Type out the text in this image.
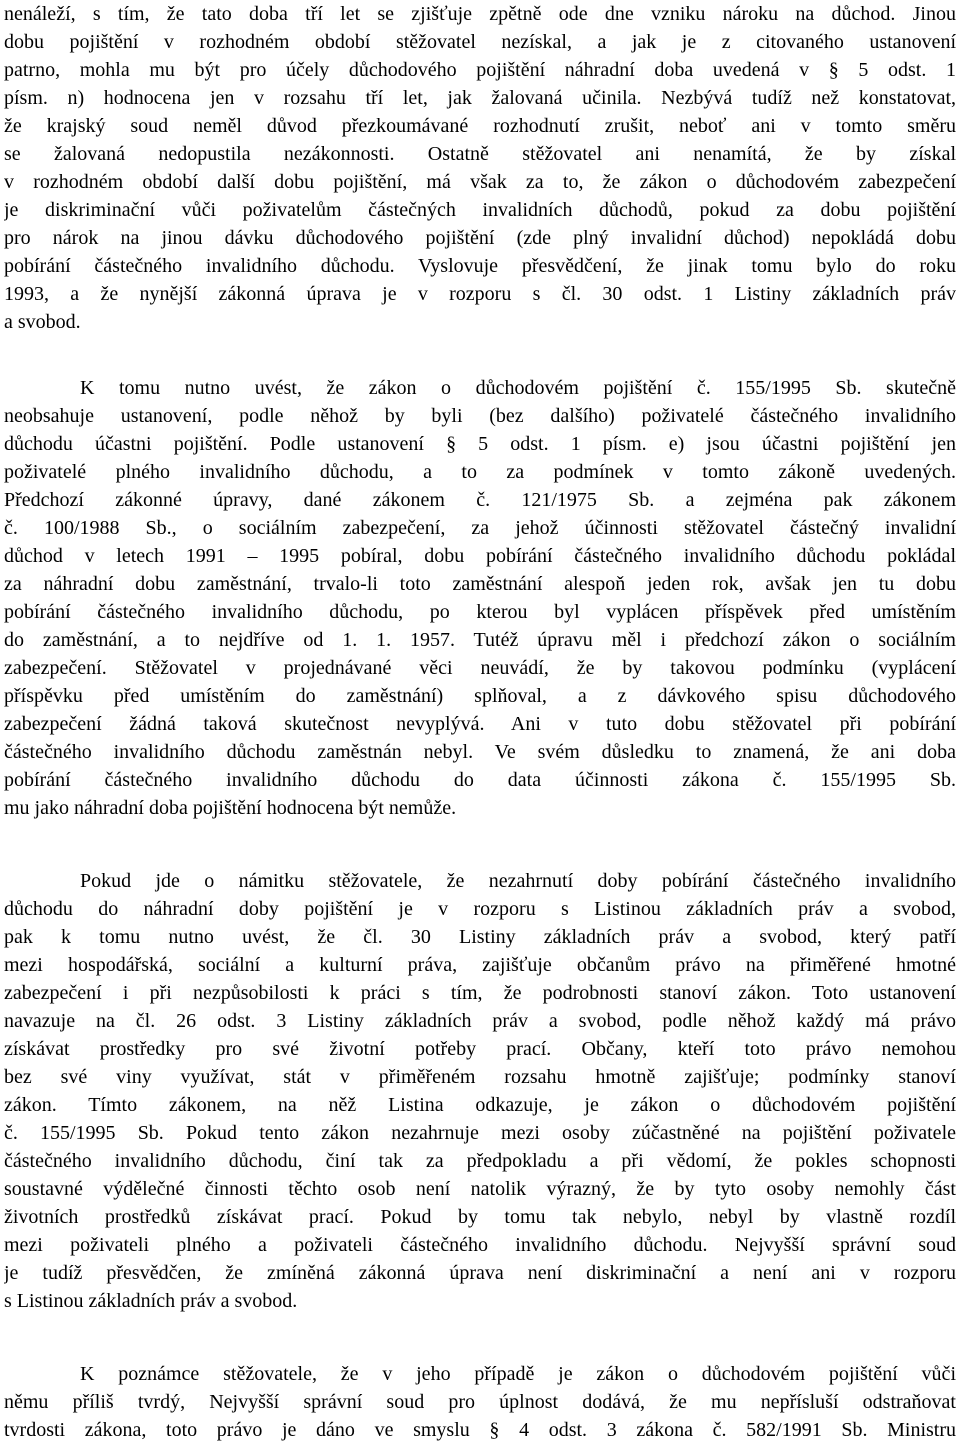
nenáleží, s tím, že tato doba tří let se zjišťuje zpětně ode dne vzniku nároku na důchod. Jinou
dobu pojištění v rozhodném období stěžovatel nezískal, a jak je z citovaného ustanovení
patrno, mohla mu být pro účely důchodového pojištění náhradní doba uvedená v § 5 odst. 1
písm. n) hodnocena jen v rozsahu tří let, jak žalovaná učinila. Nezbývá tudíž než konstatovat,
že krajský soud neměl důvod přezkoumávané rozhodnutí zrušit, neboť ani v tomto směru
se žalovaná nedopustila nezákonnosti. Ostatně stěžovatel ani nenamítá, že by získal
v rozhodném období další dobu pojištění, má však za to, že zákon o důchodovém zabezpečení
je diskriminační vůči poživatelům částečných invalidních důchodů, pokud za dobu pojištění
pro nárok na jinou dávku důchodového pojištění (zde plný invalidní důchod) nepokládá dobu
pobírání částečného invalidního důchodu. Vyslovuje přesvědčení, že jinak tomu bylo do roku
1993, a že nynější zákonná úprava je v rozporu s čl. 30 odst. 1 Listiny základních práv
a svobod.
K tomu nutno uvést, že zákon o důchodovém pojištění č. 155/1995 Sb. skutečně
neobsahuje ustanovení, podle něhož by byli (bez dalšího) poživatelé částečného invalidního
důchodu účastni pojištění. Podle ustanovení § 5 odst. 1 písm. e) jsou účastni pojištění jen
poživatelé plného invalidního důchodu, a to za podmínek v tomto zákoně uvedených.
Předchozí zákonné úpravy, dané zákonem č. 121/1975 Sb. a zejména pak zákonem
č. 100/1988 Sb., o sociálním zabezpečení, za jehož účinnosti stěžovatel částečný invalidní
důchod v letech 1991 – 1995 pobíral, dobu pobírání částečného invalidního důchodu pokládal
za náhradní dobu zaměstnání, trvalo-li toto zaměstnání alespoň jeden rok, avšak jen tu dobu
pobírání částečného invalidního důchodu, po kterou byl vyplácen příspěvek před umístěním
do zaměstnání, a to nejdříve od 1. 1. 1957. Tutéž úpravu měl i předchozí zákon o sociálním
zabezpečení. Stěžovatel v projednávané věci neuvádí, že by takovou podmínku (vyplácení
příspěvku před umístěním do zaměstnání) splňoval, a z dávkového spisu důchodového
zabezpečení žádná taková skutečnost nevyplývá. Ani v tuto dobu stěžovatel při pobírání
částečného invalidního důchodu zaměstnán nebyl. Ve svém důsledku to znamená, že ani doba
pobírání částečného invalidního důchodu do data účinnosti zákona č. 155/1995 Sb.
mu jako náhradní doba pojištění hodnocena být nemůže.
Pokud jde o námitku stěžovatele, že nezahrnutí doby pobírání částečného invalidního
důchodu do náhradní doby pojištění je v rozporu s Listinou základních práv a svobod,
pak k tomu nutno uvést, že čl. 30 Listiny základních práv a svobod, který patří
mezi hospodářská, sociální a kulturní práva, zajišťuje občanům právo na přiměřené hmotné
zabezpečení i při nezpůsobilosti k práci s tím, že podrobnosti stanoví zákon. Toto ustanovení
navazuje na čl. 26 odst. 3 Listiny základních práv a svobod, podle něhož každý má právo
získávat prostředky pro své životní potřeby prací. Občany, kteří toto právo nemohou
bez své viny využívat, stát v přiměřeném rozsahu hmotně zajišťuje; podmínky stanoví
zákon. Tímto zákonem, na něž Listina odkazuje, je zákon o důchodovém pojištění
č. 155/1995 Sb. Pokud tento zákon nezahrnuje mezi osoby zúčastněné na pojištění poživatele
částečného invalidního důchodu, činí tak za předpokladu a při vědomí, že pokles schopnosti
soustavné výdělečné činnosti těchto osob není natolik výrazný, že by tyto osoby nemohly část
životních prostředků získávat prací. Pokud by tomu tak nebylo, nebyl by vlastně rozdíl
mezi poživateli plného a poživateli částečného invalidního důchodu. Nejvyšší správní soud
je tudíž přesvědčen, že zmíněná zákonná úprava není diskriminační a není ani v rozporu
s Listinou základních práv a svobod.
K poznámce stěžovatele, že v jeho případě je zákon o důchodovém pojištění vůči
němu příliš tvrdý, Nejvyšší správní soud pro úplnost dodává, že mu nepřísluší odstraňovat
tvrdosti zákona, toto právo je dáno ve smyslu § 4 odst. 3 zákona č. 582/1991 Sb. Ministru
